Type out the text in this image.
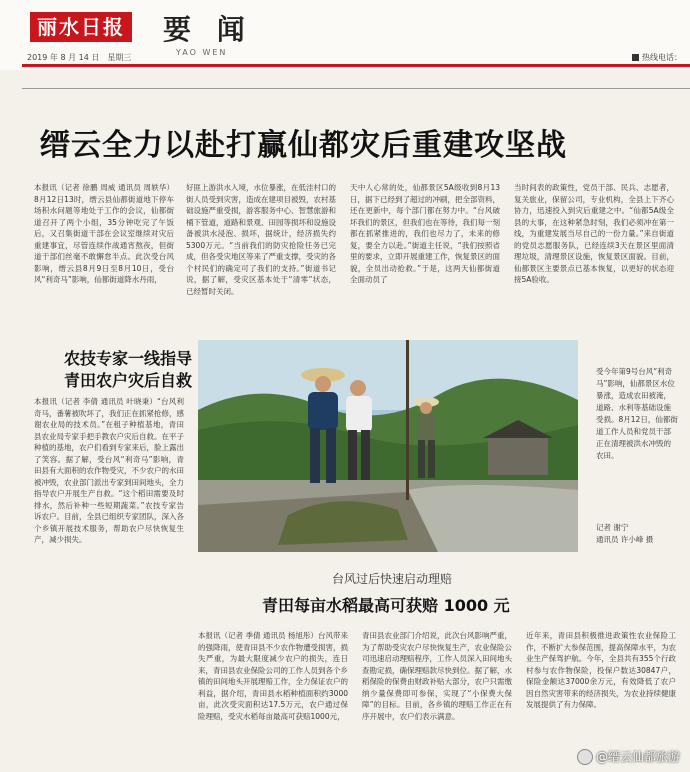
丽水日报 要 闻
YAO WEN
2019 年 8 月 14 日　星期三	热线电话：
缙云全力以赴打赢仙都灾后重建攻坚战
本报讯（记者 徐鹏 周威 通讯员 周轶华）8月12日13时，缙云县仙都街道地下停车场积水问题等地处于工作的会议，仙都街道召开了两个小组，35分钟吃完了午饭后，又召集街道干部在会议室继续对灾后重建事宜，尽管连续作战通宵熬夜，但街道干部们丝毫不敢懈怠半点。此次受台风影响，缙云县8月9日至8月10日，受台风“利奇马”影响，仙都街道降水丹雨，
好匪上游洪水入境，水位暴涨，在低洼村口的街人员受到灾害，造成在建项目被毁，农村基础设施严重受损，游客服务中心、智慧旅游和桶下管道，道路和景观、田园等损坏和设施设备被洪水浸泡、损坏，据统计，经济损失约5300万元。“当前我们的防灾抢险任务已完成，但各受灾地区等来了严重支撑，受灾的各个村民们的确定可了我们的支持。”街道书记说，据了解，受灾区基本处于“清零”状态，已经暂时关闭。
天中人心常的处，仙都景区5A级收到8月13日，据下已经到了超过的冲刷，把全部资料，还在更新中，每个部门都在努力中。“台风破坏我们的景区，但我们也在等待，我们每一刻都在抓紧推进的，我们也尽力了，未来的修复，要全力以赴。”街道主任说，“我们按照省里的要求，立即开展重建工作，恢复景区的面貌，全员出动抢救。”于是，这两天仙都街道全面动员了
当时间表的政策性，党员干部、民兵、志愿者，复关旅业，保留公司，专业机构，全县上下齐心协力，迅速投入到灾后重建之中。“仙都5A级全县的大事，在这种紧急时刻，我们必须冲在第一线，为重建发展当尽自己的一份力量。”来自街道的党员志愿服务队，已经连续3天在景区里面清理垃圾，清理景区设施，恢复景区面貌。目前，仙都景区主要景点已基本恢复，以更好的状态迎接5A验收。
农技专家一线指导
青田农户灾后自救
本报讯（记者 李倩 通讯员 叶晓秉）“台风利奇马，番薯被吹坏了，我们正在抓紧抢修，感谢农业局的技术员。”在租子种植基地，青田县农业局专家手把手教农户灾后自救。在平子种植的基地，农户们看到专家来后，脸上露出了笑容。据了解，受台风“利奇马”影响，青田县有大面积的农作物受灾，不少农户的水田被冲毁，农业部门派出专家到田间地头，全力指导农户开展生产自救。“这个稻田需要及时排水，然后补种一些短期蔬菜。”农技专家告诉农户。目前，全县已组织专家团队，深入各个乡镇开展技术服务，帮助农户尽快恢复生产，减少损失。
受今年第9号台风“利奇马”影响，仙都景区水位暴涨，造成农田被淹，道路、水利等基础设施受损。8月12日，仙都街道工作人员和党员干部正在清理被洪水冲毁的农田。
记者 谢宁
通讯员 许小峰 摄
台风过后快速启动理赔
青田每亩水稻最高可获赔 1000 元
本报讯（记者 季倩 通讯员 杨旭彤）台风带来的强降雨，使青田县不少农作物遭受损害，损失严重，为最大限度减少农户的损失，连日来，青田县农业保险公司的工作人员到各个乡镇的田间地头开展理赔工作，全力保证农户的利益，据介绍，青田县水稻种植面积约3000亩，此次受灾面积达17.5万元，农户通过保险理赔，受灾水稻每亩最高可获赔1000元，
青田县农业部门介绍说，此次台风影响严重，为了帮助受灾农户尽快恢复生产，农业保险公司迅速启动理赔程序，工作人员深入田间地头查勘定损，确保理赔款尽快到位。据了解，水稻保险的保费由财政补贴大部分，农户只需缴纳少量保费即可参保，实现了“小保费大保障”的目标。目前，各乡镇的理赔工作正在有序开展中，农户们表示满意。
近年来，青田县积极推进政策性农业保险工作，不断扩大参保范围，提高保障水平，为农业生产保驾护航。今年，全县共有355个行政村参与农作物保险，投保户数达30847户，保险金额达37000余万元，有效降低了农户因自然灾害带来的经济损失，为农业持续健康发展提供了有力保障。
@缙云仙都旅游
